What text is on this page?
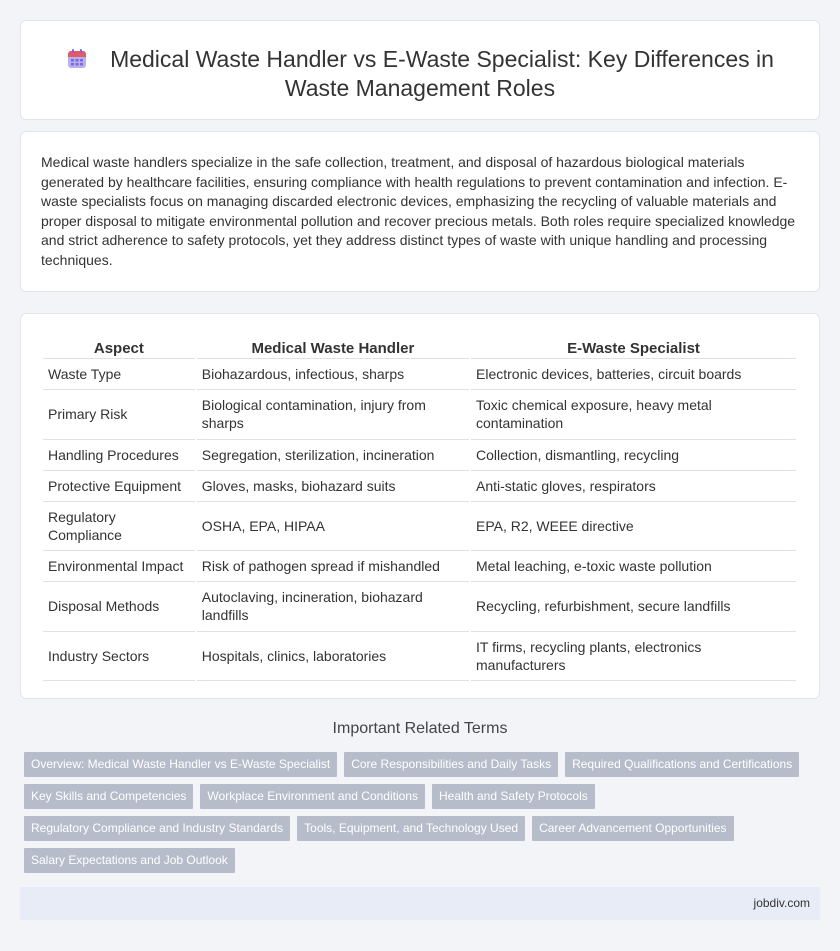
Medical Waste Handler vs E-Waste Specialist: Key Differences in Waste Management Roles

Medical waste handlers specialize in the safe collection, treatment, and disposal of hazardous biological materials generated by healthcare facilities, ensuring compliance with health regulations to prevent contamination and infection. E-waste specialists focus on managing discarded electronic devices, emphasizing the recycling of valuable materials and proper disposal to mitigate environmental pollution and recover precious metals. Both roles require specialized knowledge and strict adherence to safety protocols, yet they address distinct types of waste with unique handling and processing techniques.

Aspect	Medical Waste Handler	E-Waste Specialist
Waste Type	Biohazardous, infectious, sharps	Electronic devices, batteries, circuit boards
Primary Risk	Biological contamination, injury from sharps	Toxic chemical exposure, heavy metal contamination
Handling Procedures	Segregation, sterilization, incineration	Collection, dismantling, recycling
Protective Equipment	Gloves, masks, biohazard suits	Anti-static gloves, respirators
Regulatory Compliance	OSHA, EPA, HIPAA	EPA, R2, WEEE directive
Environmental Impact	Risk of pathogen spread if mishandled	Metal leaching, e-toxic waste pollution
Disposal Methods	Autoclaving, incineration, biohazard landfills	Recycling, refurbishment, secure landfills
Industry Sectors	Hospitals, clinics, laboratories	IT firms, recycling plants, electronics manufacturers
Important Related Terms
Overview: Medical Waste Handler vs E-Waste Specialist	Core Responsibilities and Daily Tasks	Required Qualifications and Certifications
Key Skills and Competencies	Workplace Environment and Conditions	Health and Safety Protocols
Regulatory Compliance and Industry Standards	Tools, Equipment, and Technology Used	Career Advancement Opportunities
Salary Expectations and Job Outlook
jobdiv.com
